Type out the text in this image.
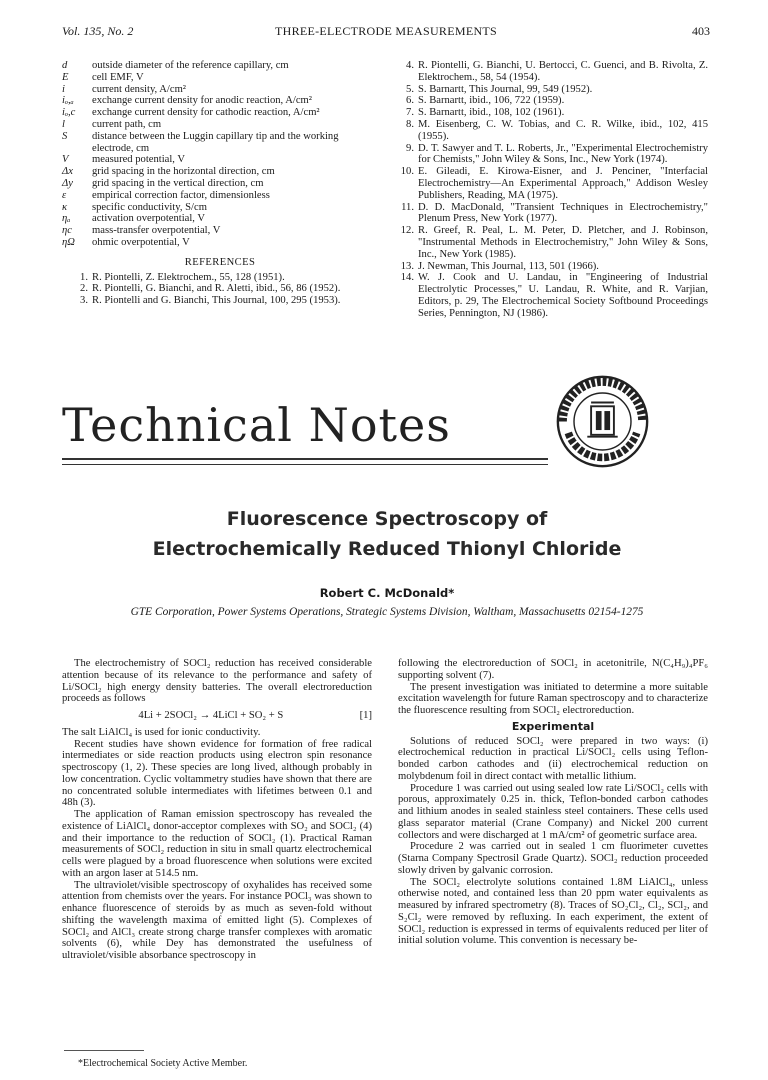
Vol. 135, No. 2	THREE-ELECTRODE MEASUREMENTS	403
d	outside diameter of the reference capillary, cm
E	cell EMF, V
i	current density, A/cm²
iₒ,ₐ	exchange current density for anodic reaction, A/cm²
iₒ,c	exchange current density for cathodic reaction, A/cm²
l	current path, cm
S	distance between the Luggin capillary tip and the working electrode, cm
V	measured potential, V
Δx	grid spacing in the horizontal direction, cm
Δy	grid spacing in the vertical direction, cm
ε	empirical correction factor, dimensionless
κ	specific conductivity, S/cm
ηₐ	activation overpotential, V
ηc	mass-transfer overpotential, V
ηΩ	ohmic overpotential, V
REFERENCES
1. R. Piontelli, Z. Elektrochem., 55, 128 (1951).
2. R. Piontelli, G. Bianchi, and R. Aletti, ibid., 56, 86 (1952).
3. R. Piontelli and G. Bianchi, This Journal, 100, 295 (1953).
4. R. Piontelli, G. Bianchi, U. Bertocci, C. Guenci, and B. Rivolta, Z. Elektrochem., 58, 54 (1954).
5. S. Barnartt, This Journal, 99, 549 (1952).
6. S. Barnartt, ibid., 106, 722 (1959).
7. S. Barnartt, ibid., 108, 102 (1961).
8. M. Eisenberg, C. W. Tobias, and C. R. Wilke, ibid., 102, 415 (1955).
9. D. T. Sawyer and T. L. Roberts, Jr., "Experimental Electrochemistry for Chemists," John Wiley & Sons, Inc., New York (1974).
10. E. Gileadi, E. Kirowa-Eisner, and J. Penciner, "Interfacial Electrochemistry—An Experimental Approach," Addison Wesley Publishers, Reading, MA (1975).
11. D. D. MacDonald, "Transient Techniques in Electrochemistry," Plenum Press, New York (1977).
12. R. Greef, R. Peal, L. M. Peter, D. Pletcher, and J. Robinson, "Instrumental Methods in Electrochemistry," John Wiley & Sons, Inc., New York (1985).
13. J. Newman, This Journal, 113, 501 (1966).
14. W. J. Cook and U. Landau, in "Engineering of Industrial Electrolytic Processes," U. Landau, R. White, and R. Varjian, Editors, p. 29, The Electrochemical Society Softbound Proceedings Series, Pennington, NJ (1986).
Technical Notes
Fluorescence Spectroscopy of
Electrochemically Reduced Thionyl Chloride
Robert C. McDonald*
GTE Corporation, Power Systems Operations, Strategic Systems Division, Waltham, Massachusetts 02154-1275

The electrochemistry of SOCl₂ reduction has received considerable attention because of its relevance to the performance and safety of Li/SOCl₂ high energy density batteries. The overall electroreduction proceeds as follows

4Li + 2SOCl₂ → 4LiCl + SO₂ + S	[1]

The salt LiAlCl₄ is used for ionic conductivity.

Recent studies have shown evidence for formation of free radical intermediates or side reaction products using electron spin resonance spectroscopy (1, 2). These species are long lived, although probably in low concentration. Cyclic voltammetry studies have shown that there are no concentrated soluble intermediates with lifetimes between 0.1 and 48h (3).

The application of Raman emission spectroscopy has revealed the existence of LiAlCl₄ donor-acceptor complexes with SO₂ and SOCl₂ (4) and their importance to the reduction of SOCl₂ (1). Practical Raman measurements of SOCl₂ reduction in situ in small quartz electrochemical cells were plagued by a broad fluorescence when solutions were excited with an argon laser at 514.5 nm.

The ultraviolet/visible spectroscopy of oxyhalides has received some attention from chemists over the years. For instance POCl₃ was shown to enhance fluorescence of steroids by as much as seven-fold without shifting the wavelength maxima of emitted light (5). Complexes of SOCl₂ and AlCl₃ create strong charge transfer complexes with aromatic solvents (6), while Dey has demonstrated the usefulness of ultraviolet/visible absorbance spectroscopy in

*Electrochemical Society Active Member.

following the electroreduction of SOCl₂ in acetonitrile, N(C₄H₉)₄PF₆ supporting solvent (7).

The present investigation was initiated to determine a more suitable excitation wavelength for future Raman spectroscopy and to characterize the fluorescence resulting from SOCl₂ electroreduction.

Experimental

Solutions of reduced SOCl₂ were prepared in two ways: (i) electrochemical reduction in practical Li/SOCl₂ cells using Teflon-bonded carbon cathodes and (ii) electrochemical reduction on molybdenum foil in direct contact with metallic lithium.

Procedure 1 was carried out using sealed low rate Li/SOCl₂ cells with porous, approximately 0.25 in. thick, Teflon-bonded carbon cathodes and lithium anodes in sealed stainless steel containers. These cells used glass separator material (Crane Company) and Nickel 200 current collectors and were discharged at 1 mA/cm² of geometric surface area.

Procedure 2 was carried out in sealed 1 cm fluorimeter cuvettes (Starna Company Spectrosil Grade Quartz). SOCl₂ reduction proceeded slowly driven by galvanic corrosion.

The SOCl₂ electrolyte solutions contained 1.8M LiAlCl₄, unless otherwise noted, and contained less than 20 ppm water equivalents as measured by infrared spectrometry (8). Traces of SO₂Cl₂, Cl₂, SCl₂, and S₂Cl₂ were removed by refluxing. In each experiment, the extent of SOCl₂ reduction is expressed in terms of equivalents reduced per liter of initial solution volume. This convention is necessary be-
